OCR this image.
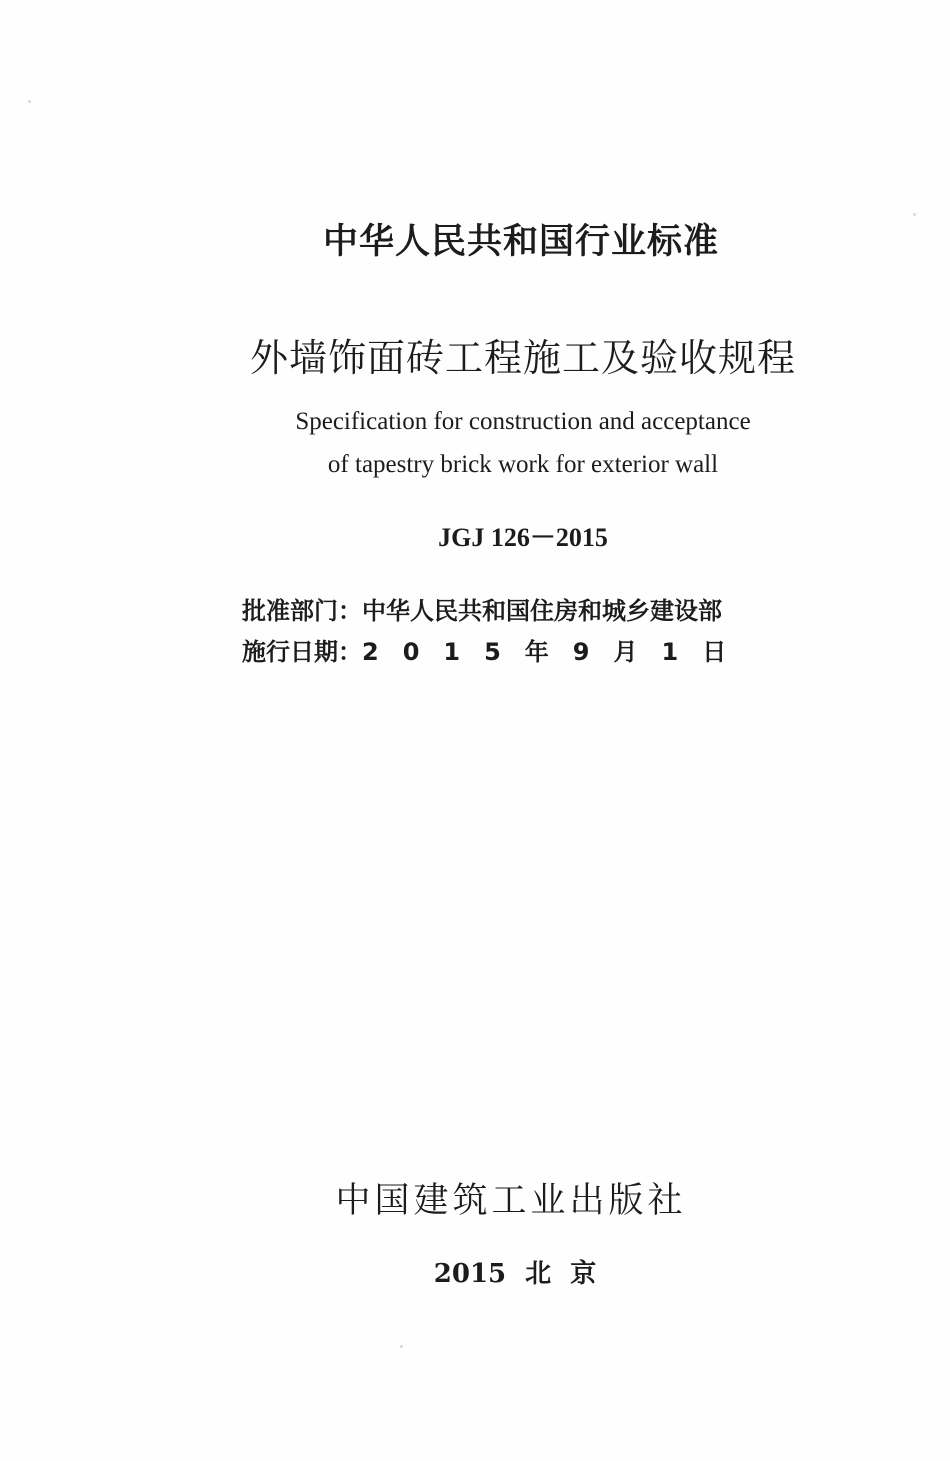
中华人民共和国行业标准
外墙饰面砖工程施工及验收规程
Specification for construction and acceptance
of tapestry brick work for exterior wall
JGJ 126－2015
批准部门： 中华人民共和国住房和城乡建设部
施行日期： 2015年9月1日
中国建筑工业出版社
2015 北 京
